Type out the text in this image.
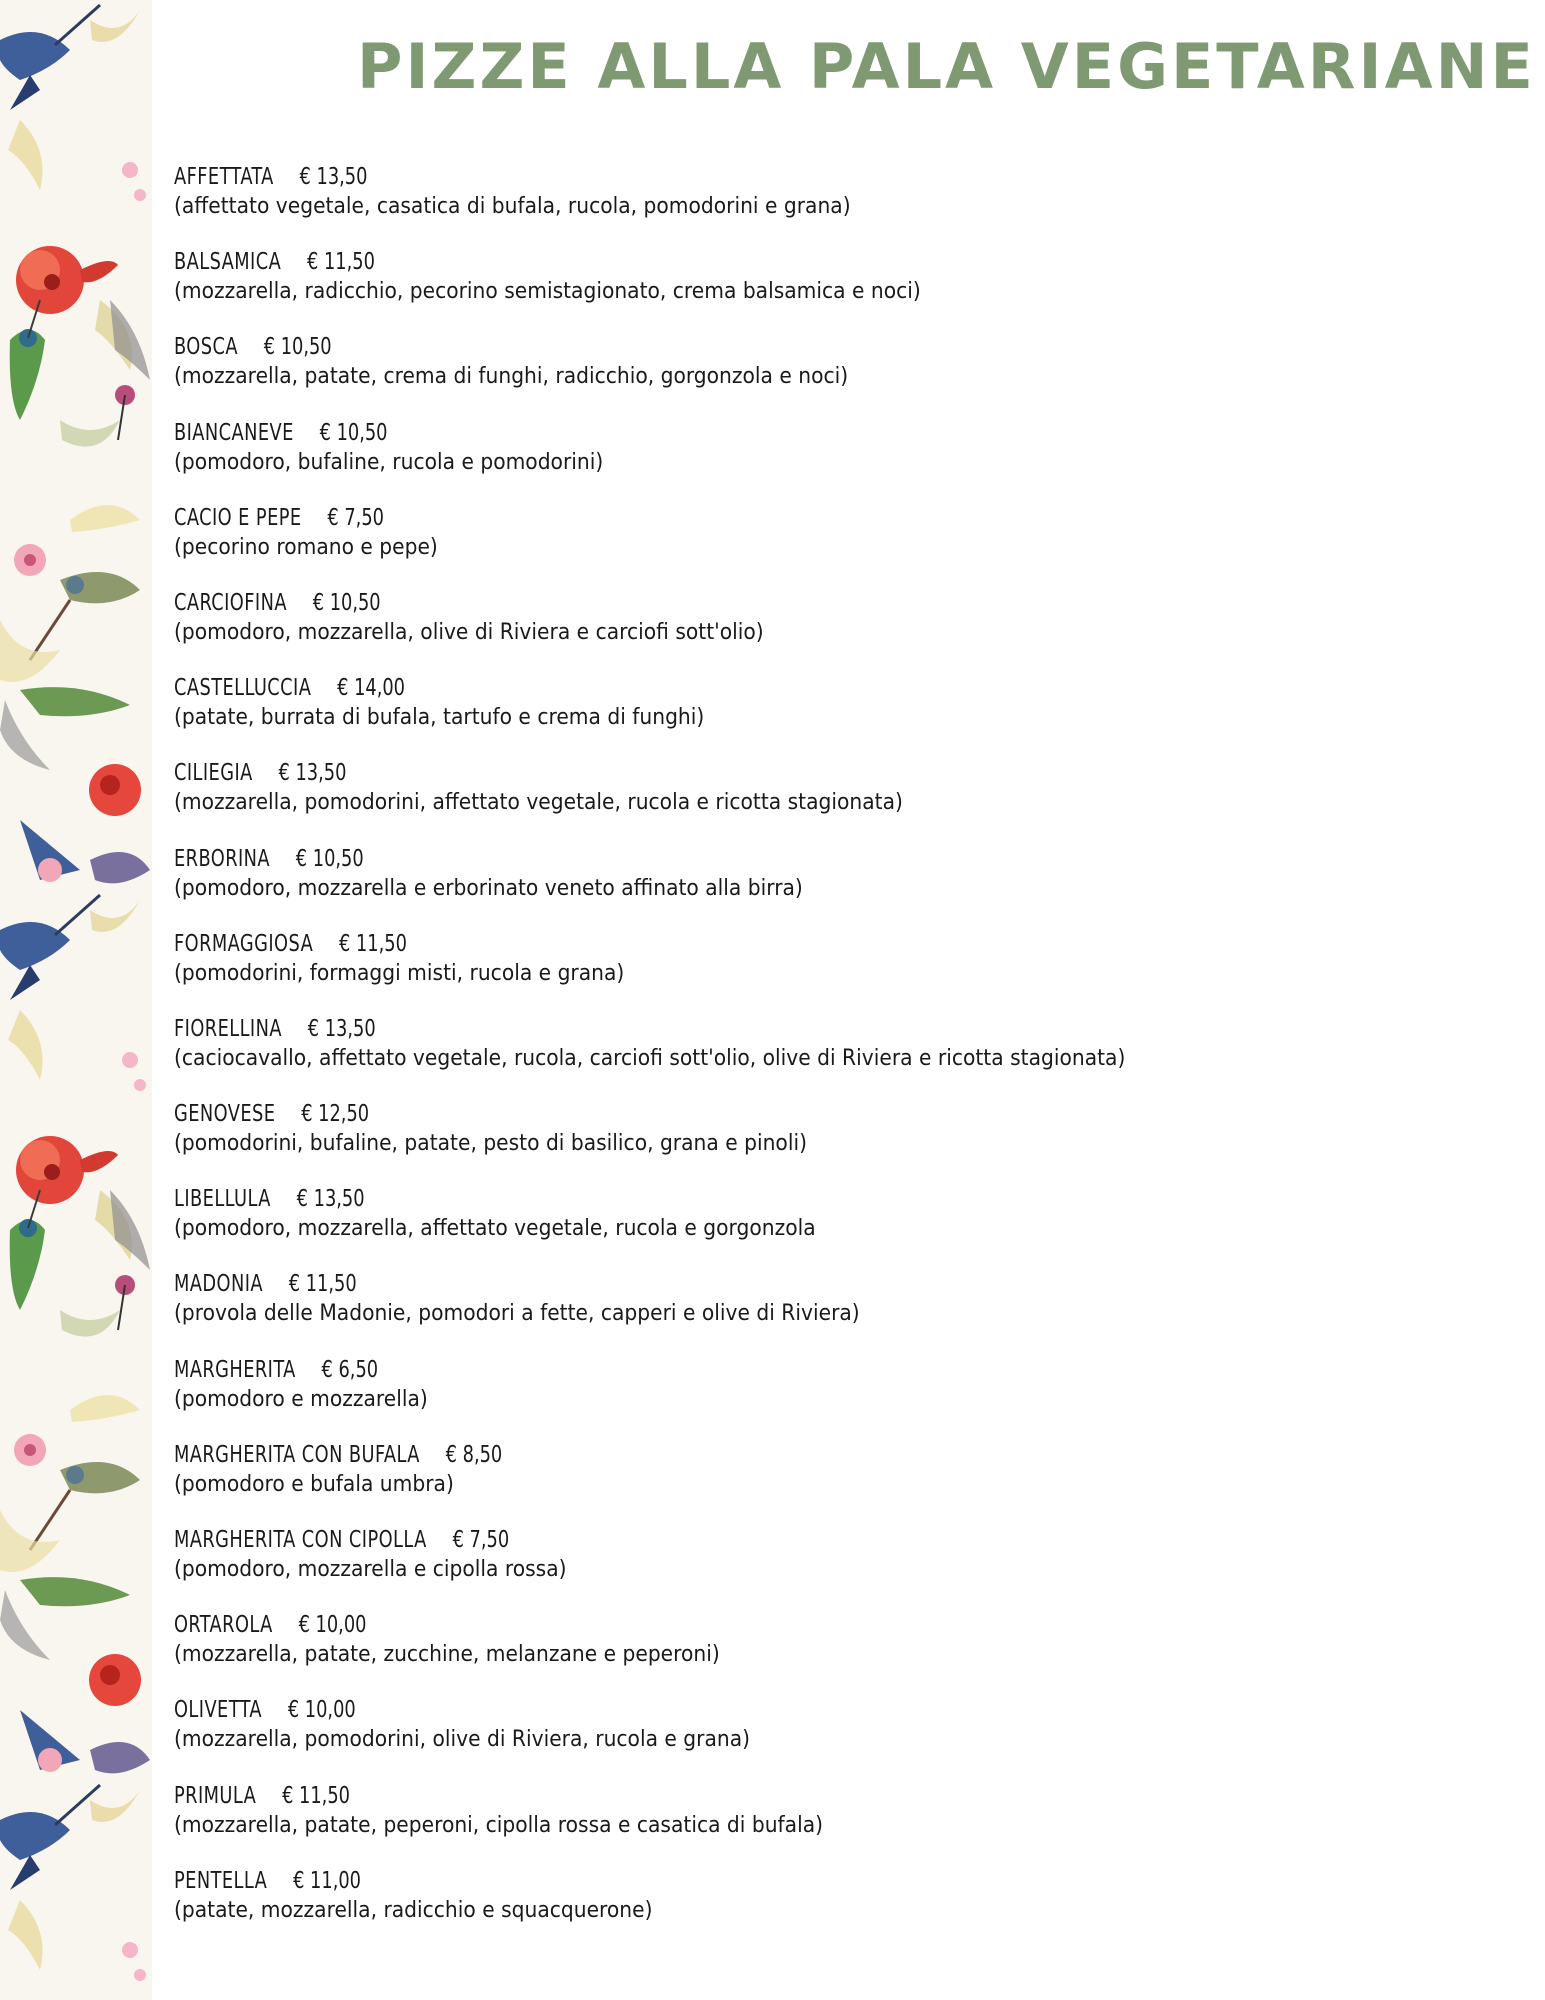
PIZZE ALLA PALA VEGETARIANE
AFFETTATA € 13,50
(affettato vegetale, casatica di bufala, rucola, pomodorini e grana)
BALSAMICA € 11,50
(mozzarella, radicchio, pecorino semistagionato, crema balsamica e noci)
BOSCA € 10,50
(mozzarella, patate, crema di funghi, radicchio, gorgonzola e noci)
BIANCANEVE € 10,50
(pomodoro, bufaline, rucola e pomodorini)
CACIO E PEPE € 7,50
(pecorino romano e pepe)
CARCIOFINA € 10,50
(pomodoro, mozzarella, olive di Riviera e carciofi sott'olio)
CASTELLUCCIA € 14,00
(patate, burrata di bufala, tartufo e crema di funghi)
CILIEGIA € 13,50
(mozzarella, pomodorini, affettato vegetale, rucola e ricotta stagionata)
ERBORINA € 10,50
(pomodoro, mozzarella e erborinato veneto affinato alla birra)
FORMAGGIOSA € 11,50
(pomodorini, formaggi misti, rucola e grana)
FIORELLINA € 13,50
(caciocavallo, affettato vegetale, rucola, carciofi sott'olio, olive di Riviera e ricotta stagionata)
GENOVESE € 12,50
(pomodorini, bufaline, patate, pesto di basilico, grana e pinoli)
LIBELLULA € 13,50
(pomodoro, mozzarella, affettato vegetale, rucola e gorgonzola
MADONIA € 11,50
(provola delle Madonie, pomodori a fette, capperi e olive di Riviera)
MARGHERITA € 6,50
(pomodoro e mozzarella)
MARGHERITA CON BUFALA € 8,50
(pomodoro e bufala umbra)
MARGHERITA CON CIPOLLA € 7,50
(pomodoro, mozzarella e cipolla rossa)
ORTAROLA € 10,00
(mozzarella, patate, zucchine, melanzane e peperoni)
OLIVETTA € 10,00
(mozzarella, pomodorini, olive di Riviera, rucola e grana)
PRIMULA € 11,50
(mozzarella, patate, peperoni, cipolla rossa e casatica di bufala)
PENTELLA € 11,00
(patate, mozzarella, radicchio e squacquerone)
